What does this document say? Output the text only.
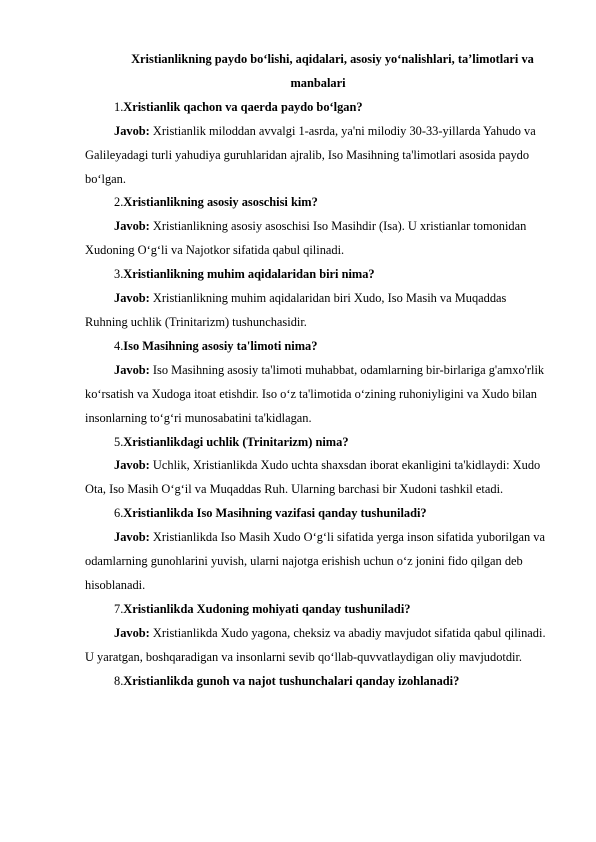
Xristianlikning paydo bo‘lishi, aqidalari, asosiy yo‘nalishlari, ta’limotlari va manbalari

1.Xristianlik qachon va qaerda paydo bo‘lgan?

Javob: Xristianlik miloddan avvalgi 1-asrda, ya'ni milodiy 30-33-yillarda Yahudo va Galileyadagi turli yahudiya guruhlaridan ajralib, Iso Masihning ta'limotlari asosida paydo bo‘lgan.

2.Xristianlikning asosiy asoschisi kim?

Javob: Xristianlikning asosiy asoschisi Iso Masihdir (Isa). U xristianlar tomonidan Xudoning O‘g‘li va Najotkor sifatida qabul qilinadi.

3.Xristianlikning muhim aqidalaridan biri nima?

Javob: Xristianlikning muhim aqidalaridan biri Xudo, Iso Masih va Muqaddas Ruhning uchlik (Trinitarizm) tushunchasidir.

4.Iso Masihning asosiy ta'limoti nima?

Javob: Iso Masihning asosiy ta'limoti muhabbat, odamlarning bir-birlariga g'amxo'rlik ko‘rsatish va Xudoga itoat etishdir. Iso o‘z ta'limotida o‘zining ruhoniyligini va Xudo bilan insonlarning to‘g‘ri munosabatini ta'kidlagan.

5.Xristianlikdagi uchlik (Trinitarizm) nima?

Javob: Uchlik, Xristianlikda Xudo uchta shaxsdan iborat ekanligini ta'kidlaydi: Xudo Ota, Iso Masih O‘g‘il va Muqaddas Ruh. Ularning barchasi bir Xudoni tashkil etadi.

6.Xristianlikda Iso Masihning vazifasi qanday tushuniladi?

Javob: Xristianlikda Iso Masih Xudo O‘g‘li sifatida yerga inson sifatida yuborilgan va odamlarning gunohlarini yuvish, ularni najotga erishish uchun o‘z jonini fido qilgan deb hisoblanadi.

7.Xristianlikda Xudoning mohiyati qanday tushuniladi?

Javob: Xristianlikda Xudo yagona, cheksiz va abadiy mavjudot sifatida qabul qilinadi. U yaratgan, boshqaradigan va insonlarni sevib qo‘llab-quvvatlaydigan oliy mavjudotdir.

8.Xristianlikda gunoh va najot tushunchalari qanday izohlanadi?
